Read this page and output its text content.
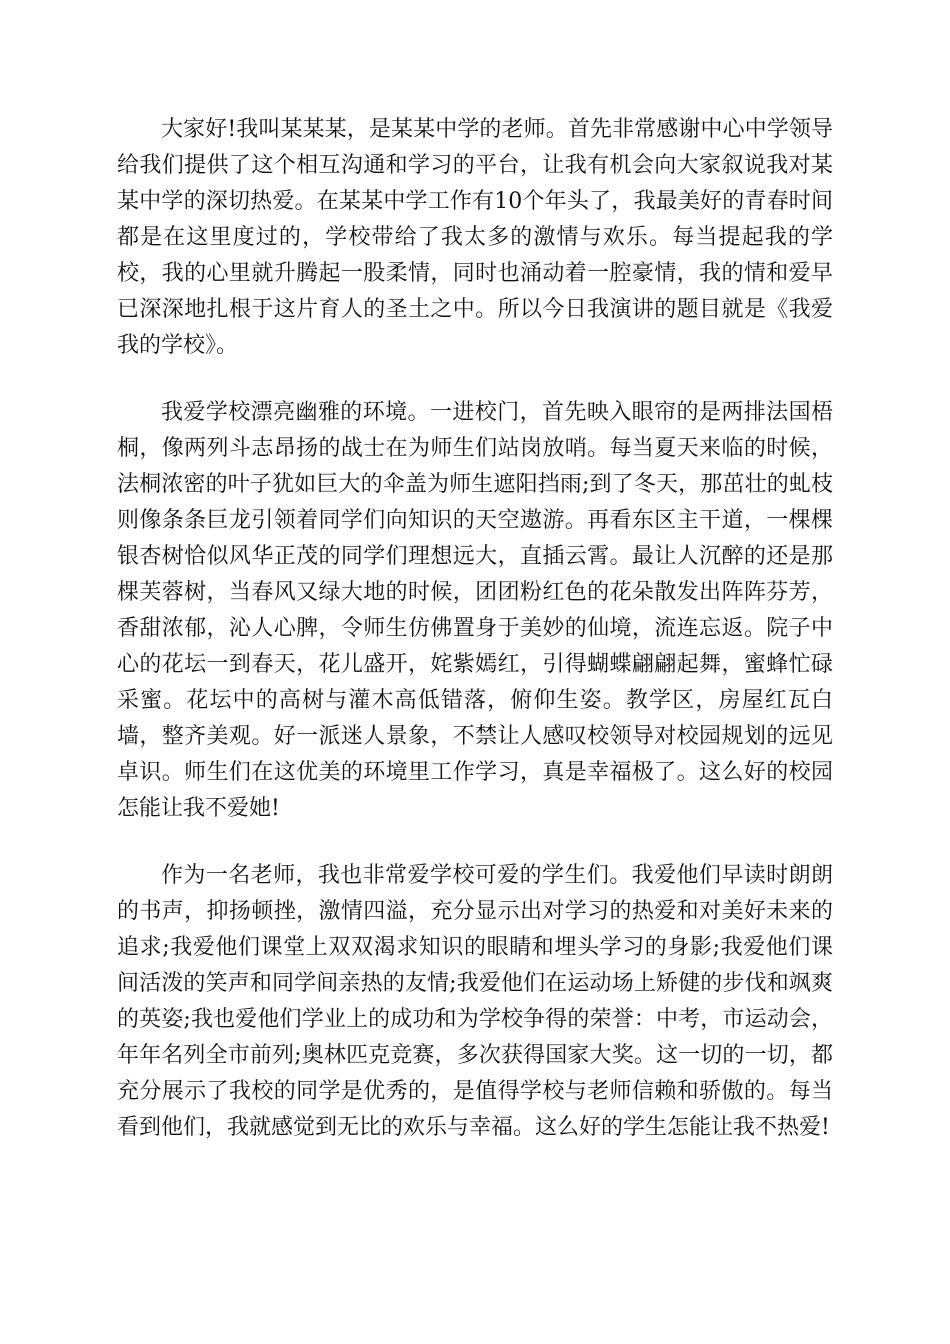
大家好!我叫某某某，是某某中学的老师。首先非常感谢中心中学领导给我们提供了这个相互沟通和学习的平台，让我有机会向大家叙说我对某某中学的深切热爱。在某某中学工作有10个年头了，我最美好的青春时间都是在这里度过的，学校带给了我太多的激情与欢乐。每当提起我的学校，我的心里就升腾起一股柔情，同时也涌动着一腔豪情，我的情和爱早已深深地扎根于这片育人的圣土之中。所以今日我演讲的题目就是《我爱我的学校》。

我爱学校漂亮幽雅的环境。一进校门，首先映入眼帘的是两排法国梧桐，像两列斗志昂扬的战士在为师生们站岗放哨。每当夏天来临的时候，法桐浓密的叶子犹如巨大的伞盖为师生遮阳挡雨;到了冬天，那茁壮的虬枝则像条条巨龙引领着同学们向知识的天空遨游。再看东区主干道，一棵棵银杏树恰似风华正茂的同学们理想远大，直插云霄。最让人沉醉的还是那棵芙蓉树，当春风又绿大地的时候，团团粉红色的花朵散发出阵阵芬芳，香甜浓郁，沁人心脾，令师生仿佛置身于美妙的仙境，流连忘返。院子中心的花坛一到春天，花儿盛开，姹紫嫣红，引得蝴蝶翩翩起舞，蜜蜂忙碌采蜜。花坛中的高树与灌木高低错落，俯仰生姿。教学区，房屋红瓦白墙，整齐美观。好一派迷人景象，不禁让人感叹校领导对校园规划的远见卓识。师生们在这优美的环境里工作学习，真是幸福极了。这么好的校园怎能让我不爱她!

作为一名老师，我也非常爱学校可爱的学生们。我爱他们早读时朗朗的书声，抑扬顿挫，激情四溢，充分显示出对学习的热爱和对美好未来的追求;我爱他们课堂上双双渴求知识的眼睛和埋头学习的身影;我爱他们课间活泼的笑声和同学间亲热的友情;我爱他们在运动场上矫健的步伐和飒爽的英姿;我也爱他们学业上的成功和为学校争得的荣誉：中考，市运动会，年年名列全市前列;奥林匹克竞赛，多次获得国家大奖。这一切的一切，都充分展示了我校的同学是优秀的，是值得学校与老师信赖和骄傲的。每当看到他们，我就感觉到无比的欢乐与幸福。这么好的学生怎能让我不热爱!
